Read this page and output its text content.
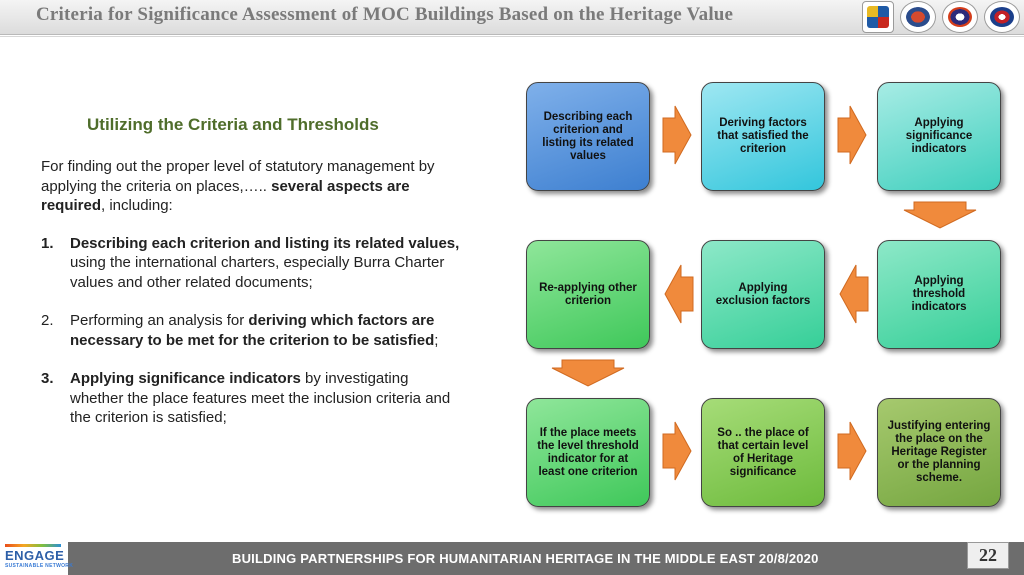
Criteria for Significance Assessment of MOC Buildings Based on the Heritage Value
Utilizing the Criteria and Thresholds

For finding out the proper level of statutory management by applying the criteria on places,….. several aspects are required, including:

1. Describing each criterion and listing its related values, using the international charters, especially Burra Charter values and other related documents;
2. Performing an analysis for deriving which factors are necessary to be met for the criterion to be satisfied;
3. Applying significance indicators by investigating whether the place features meet the inclusion criteria and the criterion is satisfied;
Describing each criterion and listing its related values
Deriving factors that satisfied the criterion
Applying significance indicators
Applying threshold indicators
Applying exclusion factors
Re-applying other criterion
If the place meets the level threshold indicator for at least one criterion
So .. the place of that certain level of Heritage significance
Justifying entering the place on the Heritage Register or the planning scheme.
BUILDING PARTNERSHIPS FOR HUMANITARIAN HERITAGE IN THE MIDDLE EAST 20/8/2020
ENGAGE
SUSTAINABLE NETWORK
22
